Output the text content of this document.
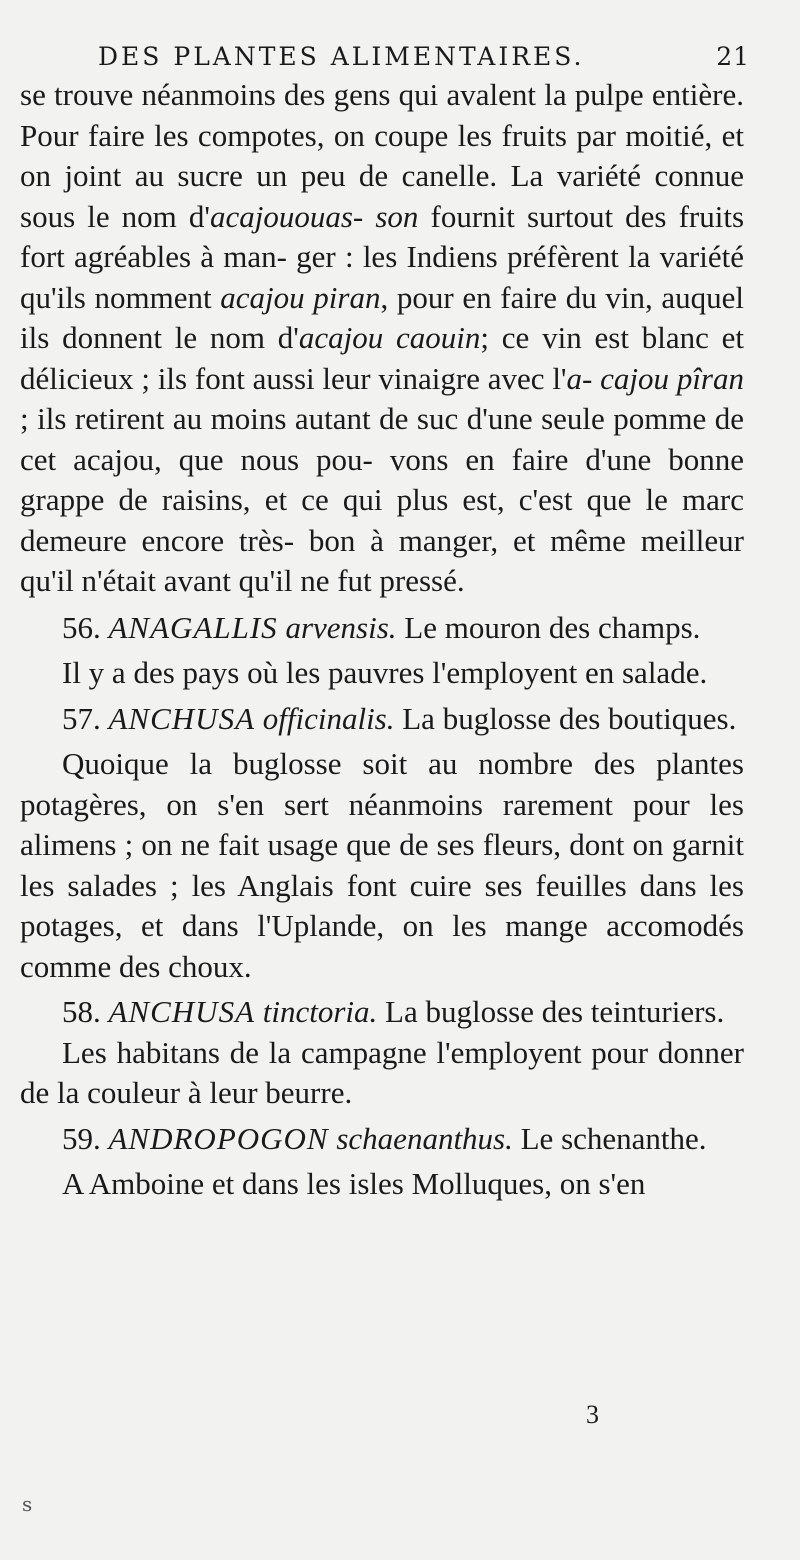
DES PLANTES ALIMENTAIRES.	21

se trouve néanmoins des gens qui avalent la pulpe entière. Pour faire les compotes, on coupe les fruits par moitié, et on joint au sucre un peu de canelle. La variété connue sous le nom d'acajououas- son fournit surtout des fruits fort agréables à man- ger : les Indiens préfèrent la variété qu'ils nomment acajou piran, pour en faire du vin, auquel ils donnent le nom d'acajou caouin; ce vin est blanc et délicieux ; ils font aussi leur vinaigre avec l'a- cajou pîran ; ils retirent au moins autant de suc d'une seule pomme de cet acajou, que nous pou- vons en faire d'une bonne grappe de raisins, et ce qui plus est, c'est que le marc demeure encore très- bon à manger, et même meilleur qu'il n'était avant qu'il ne fut pressé.

56. ANAGALLIS arvensis. Le mouron des champs.

Il y a des pays où les pauvres l'employent en salade.

57. ANCHUSA officinalis. La buglosse des boutiques.

Quoique la buglosse soit au nombre des plantes potagères, on s'en sert néanmoins rarement pour les alimens ; on ne fait usage que de ses fleurs, dont on garnit les salades ; les Anglais font cuire ses feuilles dans les potages, et dans l'Uplande, on les mange accomodés comme des choux.

58. ANCHUSA tinctoria. La buglosse des teinturiers.

Les habitans de la campagne l'employent pour donner de la couleur à leur beurre.

59. ANDROPOGON schaenanthus. Le schenanthe.

A Amboine et dans les isles Molluques, on s'en

3
s
